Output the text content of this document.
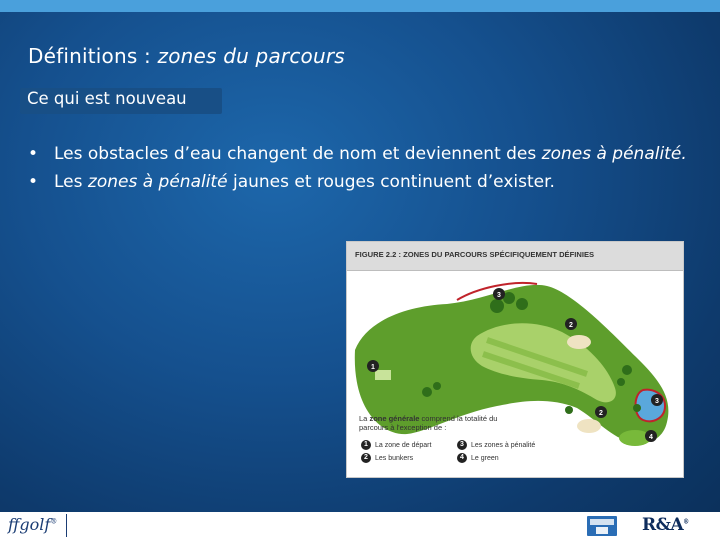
Définitions : zones du parcours
Ce qui est nouveau
• Les obstacles d’eau changent de nom et deviennent des zones à pénalité.
• Les zones à pénalité jaunes et rouges continuent d’exister.
FIGURE 2.2 : ZONES DU PARCOURS SPÉCIFIQUEMENT DÉFINIES
3
2
1
2
3
4
La zone générale comprend la totalité du parcours à l'exception de :
1 La zone de départ	3 Les zones à pénalité
2 Les bunkers	4 Le green
ffgolf®	R&A®
